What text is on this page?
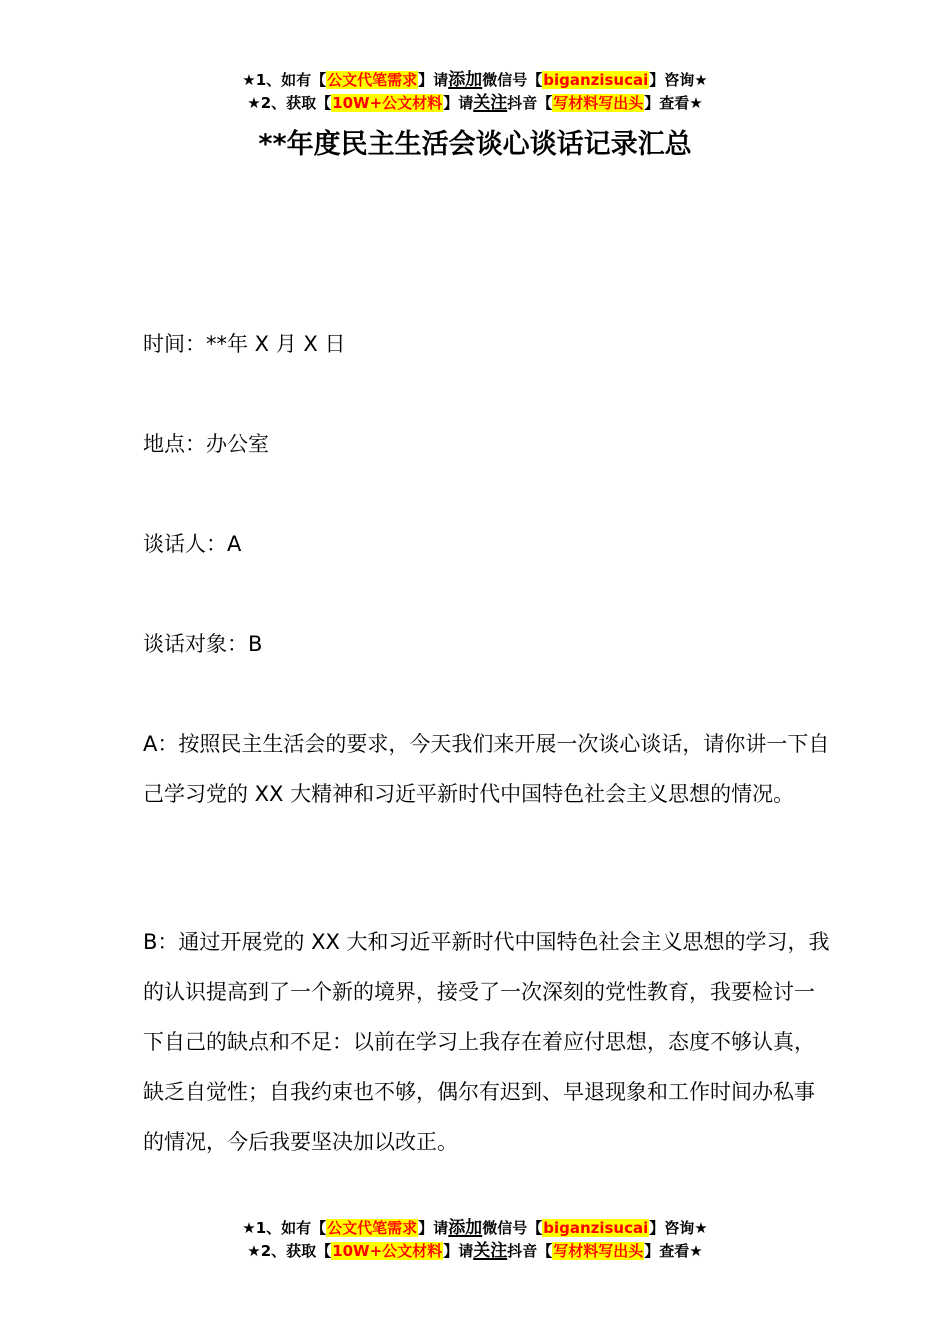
★1、如有【公文代笔需求】请添加微信号【biganzisucai】咨询★
★2、获取【10W+公文材料】请关注抖音【写材料写出头】查看★
**年度民主生活会谈心谈话记录汇总

时间：**年 X 月 X 日

地点：办公室

谈话人：A

谈话对象：B

A：按照民主生活会的要求，今天我们来开展一次谈心谈话，请你讲一下自己学习党的 XX 大精神和习近平新时代中国特色社会主义思想的情况。

B：通过开展党的 XX 大和习近平新时代中国特色社会主义思想的学习，我的认识提高到了一个新的境界，接受了一次深刻的党性教育，我要检讨一下自己的缺点和不足：以前在学习上我存在着应付思想，态度不够认真，缺乏自觉性；自我约束也不够，偶尔有迟到、早退现象和工作时间办私事的情况，今后我要坚决加以改正。

★1、如有【公文代笔需求】请添加微信号【biganzisucai】咨询★
★2、获取【10W+公文材料】请关注抖音【写材料写出头】查看★
